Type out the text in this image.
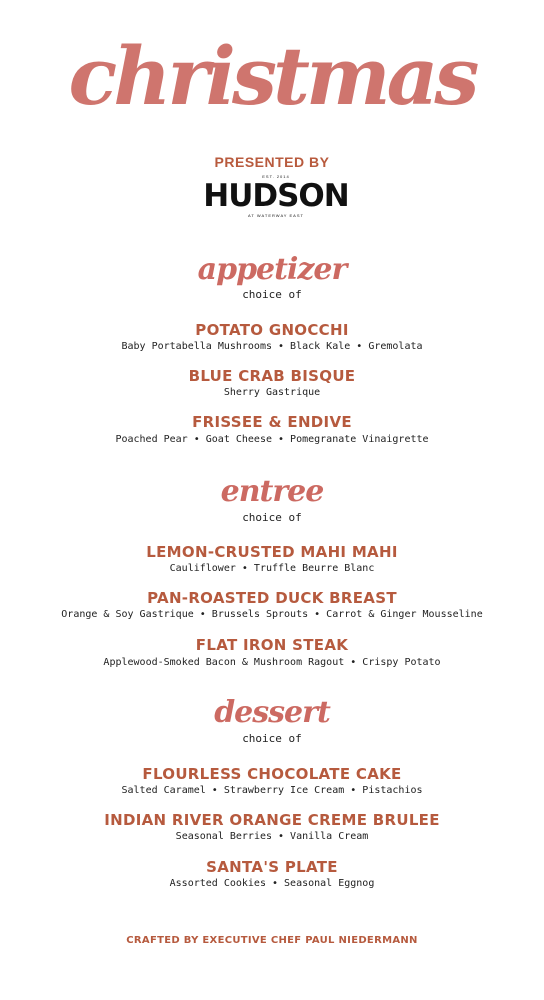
christmas
PRESENTED BY
EST. 2014
HUDSON
AT WATERWAY EAST
appetizer
choice of
POTATO GNOCCHI
Baby Portabella Mushrooms • Black Kale • Gremolata
BLUE CRAB BISQUE
Sherry Gastrique
FRISSEE & ENDIVE
Poached Pear • Goat Cheese • Pomegranate Vinaigrette
entree
choice of
LEMON-CRUSTED MAHI MAHI
Cauliflower • Truffle Beurre Blanc
PAN-ROASTED DUCK BREAST
Orange & Soy Gastrique • Brussels Sprouts • Carrot & Ginger Mousseline
FLAT IRON STEAK
Applewood-Smoked Bacon & Mushroom Ragout • Crispy Potato
dessert
choice of
FLOURLESS CHOCOLATE CAKE
Salted Caramel • Strawberry Ice Cream • Pistachios
INDIAN RIVER ORANGE CREME BRULEE
Seasonal Berries • Vanilla Cream
SANTA'S PLATE
Assorted Cookies • Seasonal Eggnog
CRAFTED BY EXECUTIVE CHEF PAUL NIEDERMANN
